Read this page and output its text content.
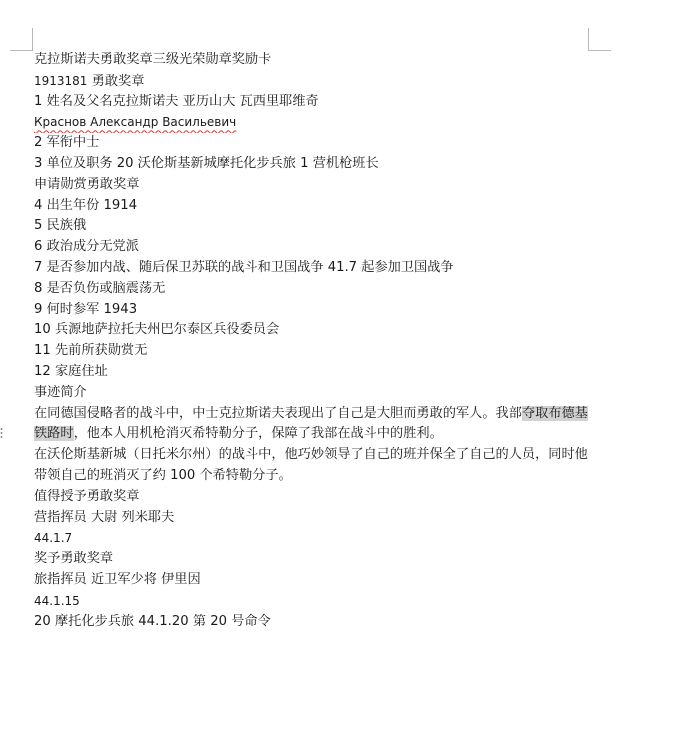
克拉斯诺夫勇敢奖章三级光荣勋章奖励卡
1913181 勇敢奖章
1 姓名及父名克拉斯诺夫 亚历山大 瓦西里耶维奇
Краснов Александр Васильевич
2 军衔中士
3 单位及职务 20 沃伦斯基新城摩托化步兵旅 1 营机枪班长
申请勋赏勇敢奖章
4 出生年份 1914
5 民族俄
6 政治成分无党派
7 是否参加内战、随后保卫苏联的战斗和卫国战争 41.7 起参加卫国战争
8 是否负伤或脑震荡无
9 何时参军 1943
10 兵源地萨拉托夫州巴尔泰区兵役委员会
11 先前所获勋赏无
12 家庭住址
事迹简介
在同德国侵略者的战斗中，中士克拉斯诺夫表现出了自己是大胆而勇敢的军人。我部夺取布德基铁路时，他本人用机枪消灭希特勒分子，保障了我部在战斗中的胜利。
在沃伦斯基新城（日托米尔州）的战斗中，他巧妙领导了自己的班并保全了自己的人员，同时他带领自己的班消灭了约 100 个希特勒分子。
值得授予勇敢奖章
营指挥员 大尉 列米耶夫
44.1.7
奖予勇敢奖章
旅指挥员 近卫军少将 伊里因
44.1.15
20 摩托化步兵旅 44.1.20 第 20 号命令
